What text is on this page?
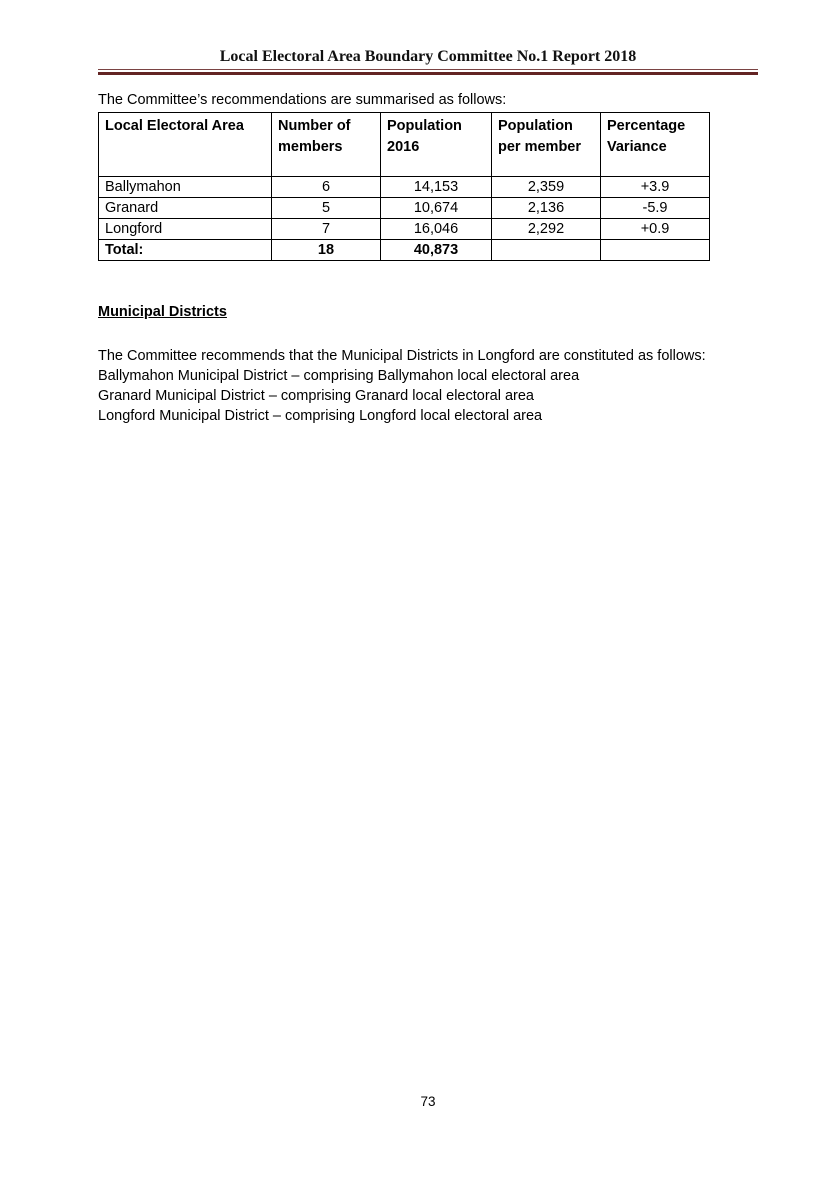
Local Electoral Area Boundary Committee No.1 Report 2018
The Committee’s recommendations are summarised as follows:
Local Electoral Area	Number of members	Population 2016	Population per member	Percentage Variance
Ballymahon	6	14,153	2,359	+3.9
Granard	5	10,674	2,136	-5.9
Longford	7	16,046	2,292	+0.9
Total:	18	40,873		
Municipal Districts
The Committee recommends that the Municipal Districts in Longford are constituted as follows:
Ballymahon Municipal District – comprising Ballymahon local electoral area
Granard Municipal District – comprising Granard local electoral area
Longford Municipal District – comprising Longford local electoral area
73
